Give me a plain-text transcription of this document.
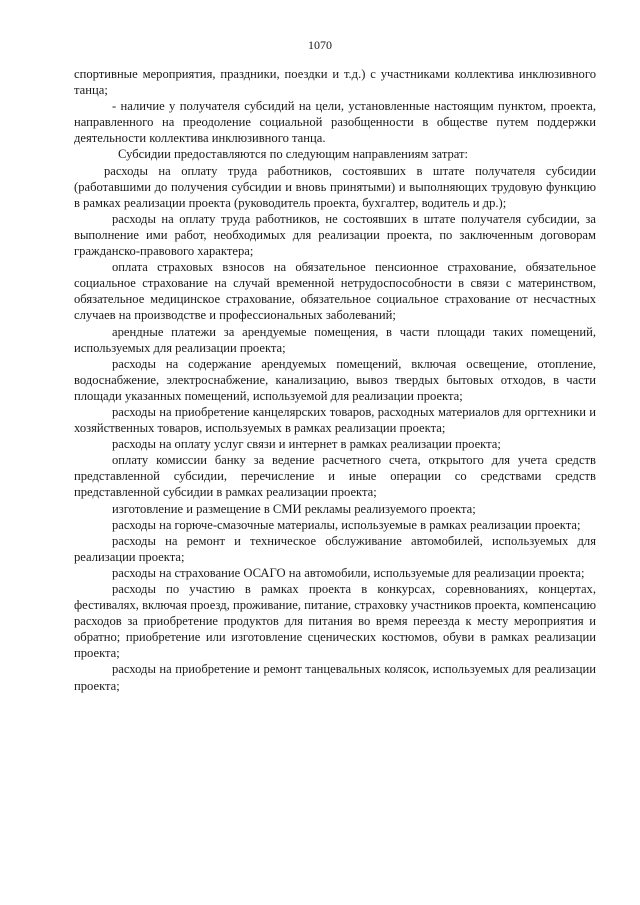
1070

спортивные мероприятия, праздники, поездки и т.д.) с участниками коллектива инклюзивного танца;

- наличие у получателя субсидий на цели, установленные настоящим пунктом, проекта, направленного на преодоление социальной разобщенности в обществе путем поддержки деятельности коллектива инклюзивного танца.

Субсидии предоставляются по следующим направлениям затрат:

расходы на оплату труда работников, состоявших в штате получателя субсидии (работавшими до получения субсидии и вновь принятыми) и выполняющих трудовую функцию в рамках реализации проекта (руководитель проекта, бухгалтер, водитель и др.);

расходы на оплату труда работников, не состоявших в штате получателя субсидии, за выполнение ими работ, необходимых для реализации проекта, по заключенным договорам гражданско-правового характера;

оплата страховых взносов на обязательное пенсионное страхование, обязательное социальное страхование на случай временной нетрудоспособности в связи с материнством, обязательное медицинское страхование, обязательное социальное страхование от несчастных случаев на производстве и профессиональных заболеваний;

арендные платежи за арендуемые помещения, в части площади таких помещений, используемых для реализации проекта;

расходы на содержание арендуемых помещений, включая освещение, отопление, водоснабжение, электроснабжение, канализацию, вывоз твердых бытовых отходов, в части площади указанных помещений, используемой для реализации проекта;

расходы на приобретение канцелярских товаров, расходных материалов для оргтехники и хозяйственных товаров, используемых в рамках реализации проекта;

расходы на оплату услуг связи и интернет в рамках реализации проекта;

оплату комиссии банку за ведение расчетного счета, открытого для учета средств представленной субсидии, перечисление и иные операции со средствами средств представленной субсидии в рамках реализации проекта;

изготовление и размещение в СМИ рекламы реализуемого проекта;

расходы на горюче-смазочные материалы, используемые в рамках реализации проекта;

расходы на ремонт и техническое обслуживание автомобилей, используемых для реализации проекта;

расходы на страхование ОСАГО на автомобили, используемые для реализации проекта;

расходы по участию в рамках проекта в конкурсах, соревнованиях, концертах, фестивалях, включая проезд, проживание, питание, страховку участников проекта, компенсацию расходов за приобретение продуктов для питания во время переезда к месту мероприятия и обратно; приобретение или изготовление сценических костюмов, обуви в рамках реализации проекта;

расходы на приобретение и ремонт танцевальных колясок, используемых для реализации проекта;
